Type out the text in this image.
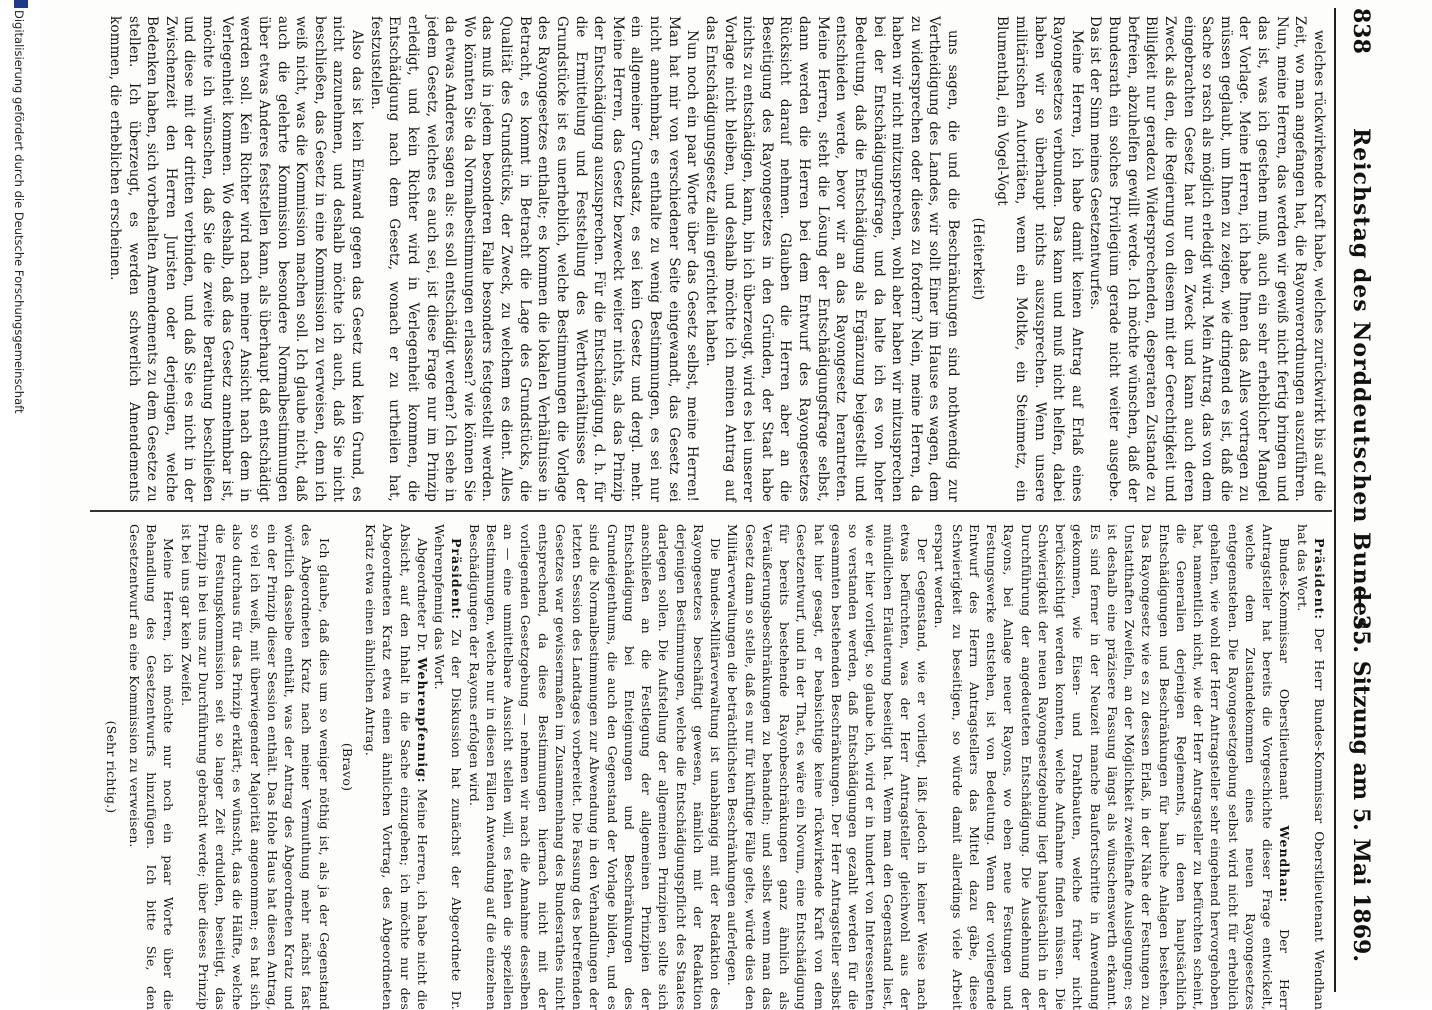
838
Reichstag des Norddeutschen Bundes.
— 35. Sitzung am 5. Mai 1869.

welches rückwirkende Kraft habe, welches zurückwirkt bis auf die Zeit, wo man angefangen hat, die Rayonverordnungen auszuführen. Nun, meine Herren, das werden wir gewiß nicht fertig bringen und das ist, was ich gestehen muß, auch ein sehr erheblicher Mangel der Vorlage. Meine Herren, ich habe Ihnen das Alles vortragen zu müssen geglaubt, um Ihnen zu zeigen, wie dringend es ist, daß die Sache so rasch als möglich erledigt wird. Mein Antrag, das von dem eingebrachten Gesetz hat nur den Zweck und kann auch deren Zweck als den, die Regierung von diesem mit der Gerechtigkeit und Billigkeit nur geradezu Widersprechenden, desperaten Zustande zu befreien, abzuhelfen gewillt werde. Ich möchte wünschen, daß der Bundesrath ein solches Privilegium gerade nicht weiter ausgebe. Das ist der Sinn meines Gesetzentwurfes.

Meine Herren, ich habe damit keinen Antrag auf Erlaß eines Rayongesetzes verbunden. Das kann und muß nicht helfen, dabei haben wir so überhaupt nichts auszusprechen. Wenn unsere militärischen Autoritäten, wenn ein Moltke, ein Steinmetz, ein Blumenthal, ein Vogel-Vogt

(Heiterkeit)

uns sagen, die und die Beschränkungen sind nothwendig zur Vertheidigung des Landes, wir sollt Einer im Hause es wagen, dem zu widersprechen oder dieses zu fordern? Nein, meine Herren, da haben wir nicht mitzusprechen, wohl aber haben wir mitzusprechen bei der Entschädigungsfrage, und da halte ich es von hoher Bedeutung, daß die Entschädigung als Ergänzung beigestellt und entschieden werde, bevor wir an das Rayongesetz herantreten. Meine Herren, steht die Lösung der Entschädigungsfrage selbst, dann werden die Herren bei dem Entwurf des Rayongesetzes Rücksicht darauf nehmen. Glauben die Herren aber an die Beseitigung des Rayongesetzes in den Gründen, der Staat habe nichts zu entschädigen, kann, bin ich überzeugt, wird es bei unserer Vorlage nicht bleiben, und deshalb möchte ich meinen Antrag auf das Entschädigungsgesetz allein gerichtet haben.

Nun noch ein paar Worte über das Gesetz selbst, meine Herren! Man hat mir von verschiedener Seite eingewandt, das Gesetz sei nicht annehmbar, es enthalte zu wenig Bestimmungen, es sei nur ein allgemeiner Grundsatz, es sei kein Gesetz und dergl. mehr. Meine Herren, das Gesetz bezweckt weiter nichts, als das Prinzip der Entschädigung auszusprechen. Für die Entschädigung, d. h. für die Ermittelung und Feststellung des Werthverhältnisses der Grundstücke ist es unerheblich, welche Bestimmungen die Vorlage des Rayongesetzes enthalte; es kommen die lokalen Verhältnisse in Betracht, es kommt in Betracht die Lage des Grundstücks, die Qualität des Grundstücks, der Zweck, zu welchem es dient. Alles das muß in jedem besonderen Falle besonders festgestellt werden. Wo könnten Sie da Normalbestimmungen erlassen? wie können Sie da etwas Anderes sagen als: es soll entschädigt werden? Ich sehe in jedem Gesetz, welches es auch sei, ist diese Frage nur im Prinzip erledigt, und kein Richter wird in Verlegenheit kommen, die Entschädigung nach dem Gesetz, wonach er zu urtheilen hat, festzustellen.

Also das ist kein Einwand gegen das Gesetz und kein Grund, es nicht anzunehmen, und deshalb möchte ich auch, daß Sie nicht beschließen, das Gesetz in eine Kommission zu verweisen, denn ich weiß nicht, was die Kommission machen soll. Ich glaube nicht, daß auch die gelehrte Kommission besondere Normalbestimmungen über etwas Anderes feststellen kann, als überhaupt daß entschädigt werden soll. Kein Richter wird nach meiner Ansicht nach dem in Verlegenheit kommen. Wo deshalb, daß das Gesetz annehmbar ist, möchte ich wünschen, daß Sie die zweite Berathung beschließen und diese mit der dritten verbinden, und daß Sie es nicht in der Zwischenzeit den Herren Juristen oder derjenigen, welche Bedenken haben, sich vorbehalten Amendements zu dem Gesetze zu stellen. Ich überzeugt, es werden schwerlich Amendements kommen, die erheblichen erscheinen.

Präsident: Der Herr Bundes-Kommissar Oberstlieutenant Wendhan hat das Wort.

Bundes-Kommissar Oberstlieutenant Wendhan: Der Herr Antragsteller hat bereits die Vorgeschichte dieser Frage entwickelt, welche dem Zustandekommen eines neuen Rayongesetzes entgegenstehen. Die Rayongesetzgebung selbst wird nicht für erheblich gehalten, wie wohl der Herr Antragsteller sehr eingehend hervorgehoben hat, namentlich nicht, wie der Herr Antragsteller zu befürchten scheint, die Generalien derjenigen Reglements, in denen hauptsächlich Entschädigungen und Beschränkungen für bauliche Anlagen bestehen. Das Rayongesetz wie es zu dessen Erlaß, in der Nähe der Festungen zu Unstatthaften Zweifeln, an der Möglichkeit zweifelhafte Auslegungen; es ist deshalb eine präzisere Fassung längst als wünschenswerth erkannt. Es sind ferner in der Neuzeit manche Baufortschritte in Anwendung gekommen, wie Eisen- und Drahtbauten, welche früher nicht berücksichtigt werden konnten, welche Aufnahme finden müssen. Die Schwierigkeit der neuen Rayongesetzgebung liegt hauptsächlich in der Durchführung der angedeuteten Entschädigung. Die Ausdehnung der Rayons, bei Anlage neuer Rayons, wo eben neue Festungen und Festungswerke entstehen, ist von Bedeutung. Wenn der vorliegende Entwurf des Herrn Antragstellers das Mittel dazu gäbe, diese Schwierigkeit zu beseitigen, so würde damit allerdings viele Arbeit erspart werden.

Der Gegenstand, wie er vorliegt, läßt jedoch in keiner Weise nach etwas befürchten, was der Herr Antragsteller gleichwohl aus der mündlichen Erläuterung beseitigt hat. Wenn man den Gegenstand liest, wie er hier vorliegt, so glaube ich, wird er in hundert von Interessenten so verstanden werden, daß Entschädigungen gezahlt werden für die gesammten bestehenden Beschränkungen. Der Herr Antragsteller selbst hat hier gesagt, er beabsichtige keine rückwirkende Kraft von dem Gesetzentwurf, und in der That, es wäre ein Novum, eine Entschädigung für bereits bestehende Rayonbeschränkungen ganz ähnlich als Veräußerungsbeschränkungen zu behandeln; und selbst wenn man das Gesetz dann so stelle, daß es nur für künftige Fälle gelte, würde dies den Militärverwaltungen die beträchtlichsten Beschränkungen auferlegen.

Die Bundes-Militärverwaltung ist unabhängig mit der Redaktion des Rayongesetzes beschäftigt gewesen, nämlich mit der Redaktion derjenigen Bestimmungen, welche die Entschädigungspflicht des Staates darlegen sollen. Die Aufstellung der allgemeinen Prinzipien sollte sich anschließen an die Festlegung der allgemeinen Prinzipien der Entschädigung bei Enteignungen und Beschränkungen des Grundeigenthums, die auch den Gegenstand der Vorlage bilden, und es sind die Normalbestimmungen zur Abwendung in den Verhandlungen der letzten Session des Landtages vorbereitet. Die Fassung des betreffenden Gesetzes war gewissermaßen im Zusammenhang des Bundesrathes nicht entsprechend, da diese Bestimmungen hiernach nicht mit der vorliegenden Gesetzgebung — nehmen wir nach die Annahme desselben an — eine unmittelbare Aussicht stellen will, es fehlen die speziellen Bestimmungen, welche nur in diesen Fällen Anwendung auf die einzelnen Beschädigungen der Rayons erfolgen wird.

Präsident: Zu der Diskussion hat zunächst der Abgeordnete Dr. Wehrenpfennig das Wort.

Abgeordneter Dr. Wehrenpfennig: Meine Herren, ich habe nicht die Absicht, auf den Inhalt in die Sache einzugehen; ich möchte nur des Abgeordneten Kratz etwa einen ähnlichen Vortrag, des Abgeordneten Kratz etwa einen ähnlichen Antrag.

(Bravo)

Ich glaube, daß dies um so weniger nöthig ist, als ja der Gegenstand des Abgeordneten Kratz nach meiner Vermuthung mehr nächst fast wörtlich dasselbe enthält, was der Antrag des Abgeordneten Kratz und ein der Prinzip dieser Session enthält. Das Hohe Haus hat diesen Antrag, so viel ich weiß, mit überwiegender Majorität angenommen; es hat sich also durchaus für das Prinzip erklärt; es wünscht, das die Hälfte, welche die Festungskommission seit so langer Zeit erdulden, beseitigt, das Prinzip in bei uns zur Durchführung gebracht werde; über dieses Prinzip ist bei uns gar kein Zweifel.

Meine Herren, ich möchte nur noch ein paar Worte über die Behandlung des Gesetzentwurfs hinzufügen. Ich bitte Sie, den Gesetzentwurf an eine Kommission zu verweisen.

(Sehr richtig.)

Digitalisierung gefördert durch die Deutsche Forschungsgemeinschaft
